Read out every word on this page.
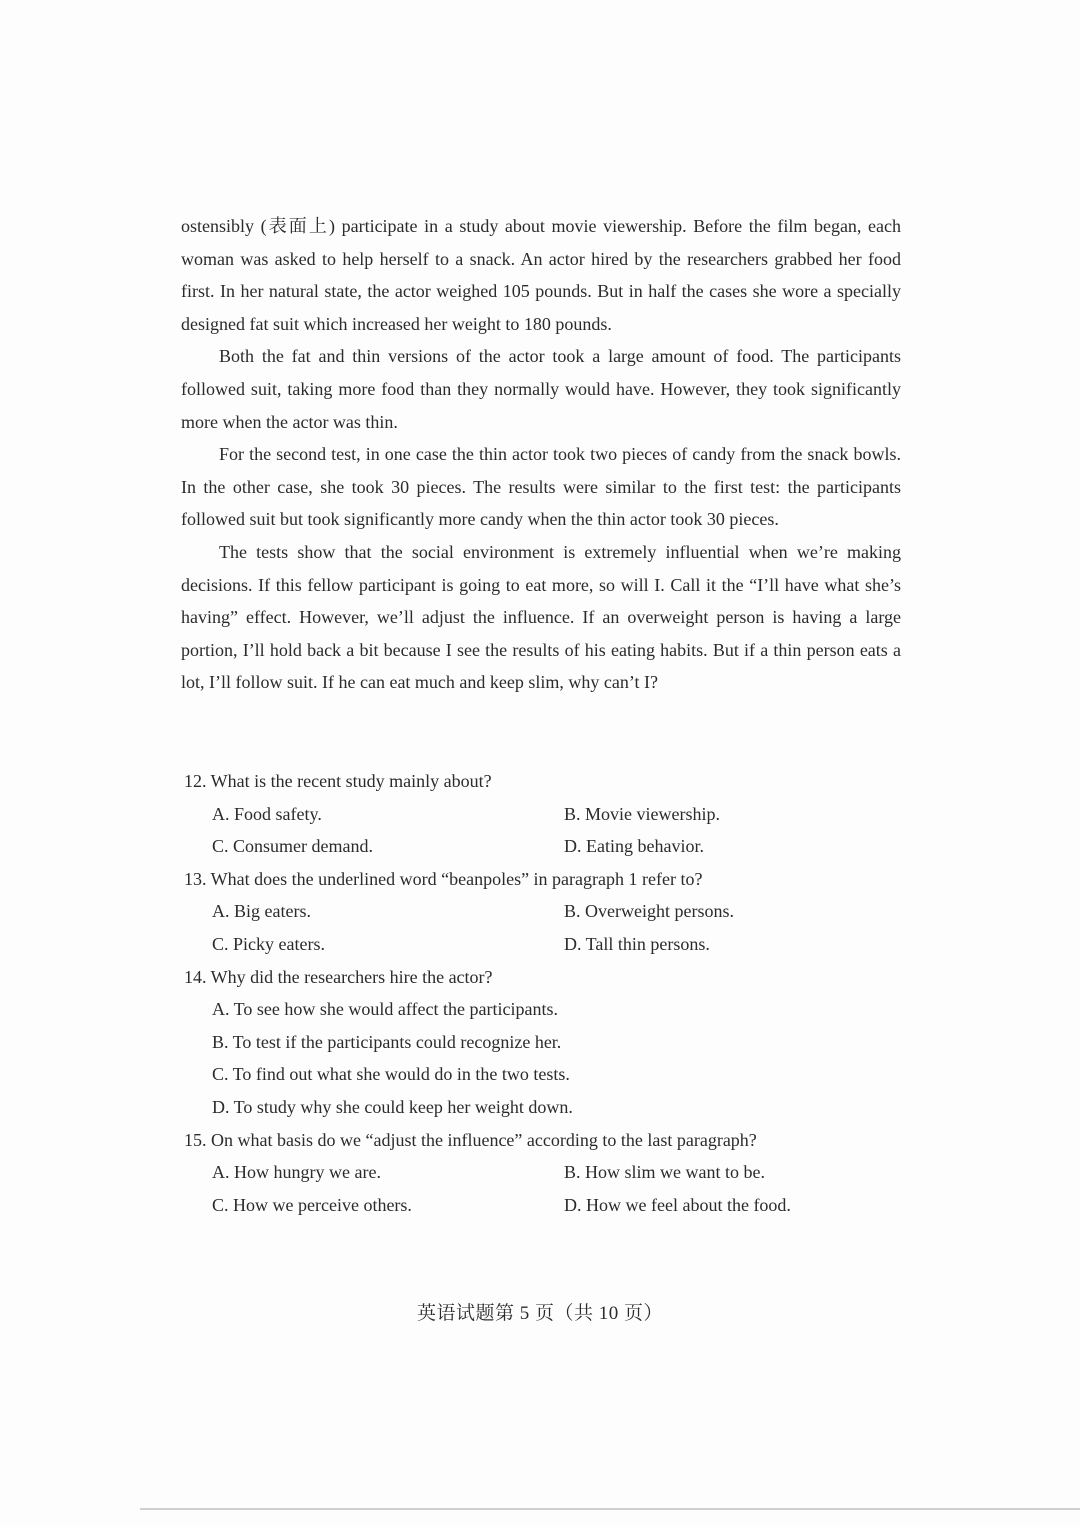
ostensibly (表面上) participate in a study about movie viewership. Before the film began, each woman was asked to help herself to a snack. An actor hired by the researchers grabbed her food first. In her natural state, the actor weighed 105 pounds. But in half the cases she wore a specially designed fat suit which increased her weight to 180 pounds.

Both the fat and thin versions of the actor took a large amount of food. The participants followed suit, taking more food than they normally would have. However, they took significantly more when the actor was thin.

For the second test, in one case the thin actor took two pieces of candy from the snack bowls. In the other case, she took 30 pieces. The results were similar to the first test: the participants followed suit but took significantly more candy when the thin actor took 30 pieces.

The tests show that the social environment is extremely influential when we’re making decisions. If this fellow participant is going to eat more, so will I. Call it the “I’ll have what she’s having” effect. However, we’ll adjust the influence. If an overweight person is having a large portion, I’ll hold back a bit because I see the results of his eating habits. But if a thin person eats a lot, I’ll follow suit. If he can eat much and keep slim, why can’t I?

12. What is the recent study mainly about?

A. Food safety.	B. Movie viewership.
C. Consumer demand.	D. Eating behavior.

13. What does the underlined word “beanpoles” in paragraph 1 refer to?

A. Big eaters.	B. Overweight persons.
C. Picky eaters.	D. Tall thin persons.

14. Why did the researchers hire the actor?

A. To see how she would affect the participants.
B. To test if the participants could recognize her.
C. To find out what she would do in the two tests.
D. To study why she could keep her weight down.

15. On what basis do we “adjust the influence” according to the last paragraph?

A. How hungry we are.	B. How slim we want to be.
C. How we perceive others.	D. How we feel about the food.
英语试题第 5 页（共 10 页）
